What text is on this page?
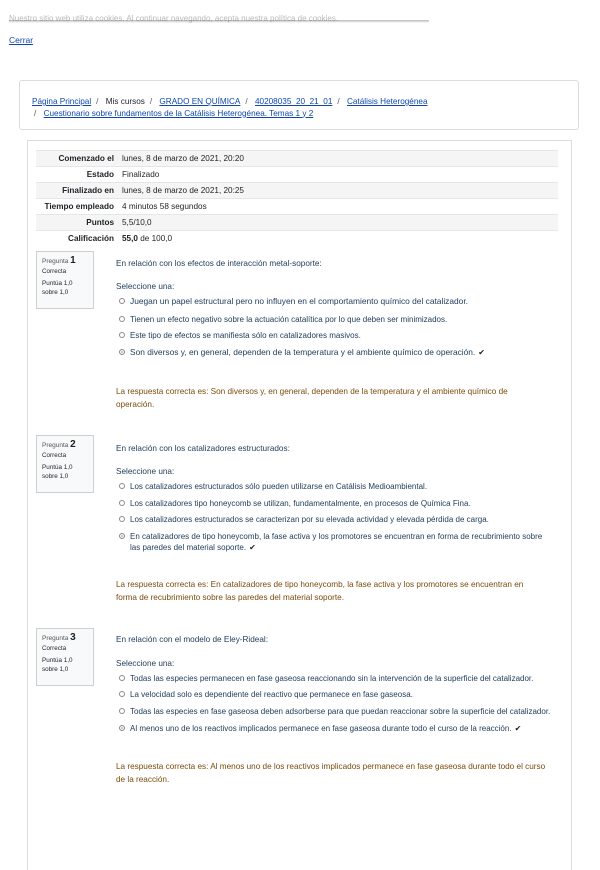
Nuestro sitio web utiliza cookies. Al continuar navegando, acepta nuestra política de cookies.
Cerrar
Página Principal / Mis cursos / GRADO EN QUÍMICA / 40208035_20_21_01 / Catálisis Heterogénea
/ Cuestionario sobre fundamentos de la Catálisis Heterogénea. Temas 1 y 2
Comenzado el	lunes, 8 de marzo de 2021, 20:20
Estado	Finalizado
Finalizado en	lunes, 8 de marzo de 2021, 20:25
Tiempo empleado	4 minutos 58 segundos
Puntos	5,5/10,0
Calificación	55,0 de 100,0
Pregunta 1
Correcta
Puntúa 1,0 sobre 1,0
En relación con los efectos de interacción metal-soporte:
Seleccione una:
Juegan un papel estructural pero no influyen en el comportamiento químico del catalizador.
Tienen un efecto negativo sobre la actuación catalítica por lo que deben ser minimizados.
Este tipo de efectos se manifiesta sólo en catalizadores masivos.
Son diversos y, en general, dependen de la temperatura y el ambiente químico de operación. ✔
La respuesta correcta es: Son diversos y, en general, dependen de la temperatura y el ambiente químico de operación.
Pregunta 2
Correcta
Puntúa 1,0 sobre 1,0
En relación con los catalizadores estructurados:
Seleccione una:
Los catalizadores estructurados sólo pueden utilizarse en Catálisis Medioambiental.
Los catalizadores tipo honeycomb se utilizan, fundamentalmente, en procesos de Química Fina.
Los catalizadores estructurados se caracterizan por su elevada actividad y elevada pérdida de carga.
En catalizadores de tipo honeycomb, la fase activa y los promotores se encuentran en forma de recubrimiento sobre las paredes del material soporte. ✔
La respuesta correcta es: En catalizadores de tipo honeycomb, la fase activa y los promotores se encuentran en forma de recubrimiento sobre las paredes del material soporte.
Pregunta 3
Correcta
Puntúa 1,0 sobre 1,0
En relación con el modelo de Eley-Rideal:
Seleccione una:
Todas las especies permanecen en fase gaseosa reaccionando sin la intervención de la superficie del catalizador.
La velocidad solo es dependiente del reactivo que permanece en fase gaseosa.
Todas las especies en fase gaseosa deben adsorberse para que puedan reaccionar sobre la superficie del catalizador.
Al menos uno de los reactivos implicados permanece en fase gaseosa durante todo el curso de la reacción. ✔
La respuesta correcta es: Al menos uno de los reactivos implicados permanece en fase gaseosa durante todo el curso de la reacción.
